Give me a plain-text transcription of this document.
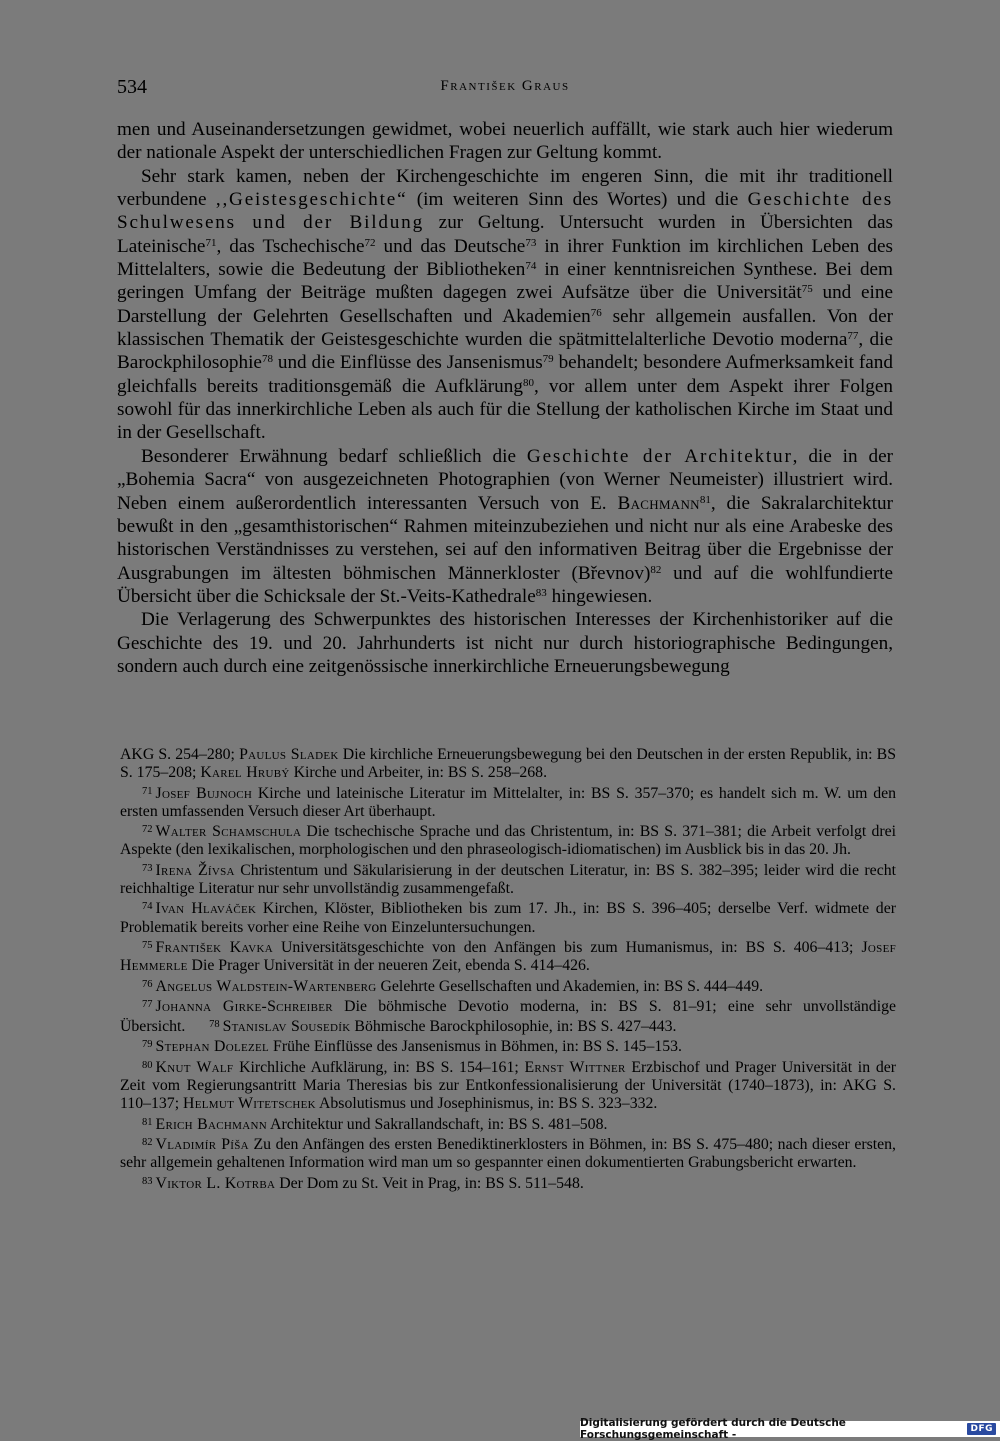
534	František Graus

men und Auseinandersetzungen gewidmet, wobei neuerlich auffällt, wie stark auch hier wiederum der nationale Aspekt der unterschiedlichen Fragen zur Geltung kommt.

Sehr stark kamen, neben der Kirchengeschichte im engeren Sinn, die mit ihr traditionell verbundene ,,Geistesgeschichte“ (im weiteren Sinn des Wortes) und die Geschichte des Schulwesens und der Bildung zur Geltung. Untersucht wurden in Übersichten das Lateinische$^{71}$, das Tschechische$^{72}$ und das Deutsche$^{73}$ in ihrer Funktion im kirchlichen Leben des Mittelalters, sowie die Bedeutung der Bibliotheken$^{74}$ in einer kenntnisreichen Synthese. Bei dem geringen Umfang der Beiträge mußten dagegen zwei Aufsätze über die Universität$^{75}$ und eine Darstellung der Gelehrten Gesellschaften und Akademien$^{76}$ sehr allgemein ausfallen. Von der klassischen Thematik der Geistesgeschichte wurden die spätmittelalterliche Devotio moderna$^{77}$, die Barockphilosophie$^{78}$ und die Einflüsse des Jansenismus$^{79}$ behandelt; besondere Aufmerksamkeit fand gleichfalls bereits traditionsgemäß die Aufklärung$^{80}$, vor allem unter dem Aspekt ihrer Folgen sowohl für das innerkirchliche Leben als auch für die Stellung der katholischen Kirche im Staat und in der Gesellschaft.

Besonderer Erwähnung bedarf schließlich die Geschichte der Architektur, die in der „Bohemia Sacra“ von ausgezeichneten Photographien (von Werner Neumeister) illustriert wird. Neben einem außerordentlich interessanten Versuch von E. Bachmann$^{81}$, die Sakralarchitektur bewußt in den „gesamthistorischen“ Rahmen miteinzubeziehen und nicht nur als eine Arabeske des historischen Verständnisses zu verstehen, sei auf den informativen Beitrag über die Ergebnisse der Ausgrabungen im ältesten böhmischen Männerkloster (Břevnov)$^{82}$ und auf die wohlfundierte Übersicht über die Schicksale der St.-Veits-Kathedrale$^{83}$ hingewiesen.

Die Verlagerung des Schwerpunktes des historischen Interesses der Kirchenhistoriker auf die Geschichte des 19. und 20. Jahrhunderts ist nicht nur durch historiographische Bedingungen, sondern auch durch eine zeitgenössische innerkirchliche Erneuerungsbewegung

AKG S. 254–280; Paulus Sladek Die kirchliche Erneuerungsbewegung bei den Deutschen in der ersten Republik, in: BS S. 175–208; Karel Hrubý Kirche und Arbeiter, in: BS S. 258–268.

$^{71}$ Josef Bujnoch Kirche und lateinische Literatur im Mittelalter, in: BS S. 357–370; es handelt sich m. W. um den ersten umfassenden Versuch dieser Art überhaupt.

$^{72}$ Walter Schamschula Die tschechische Sprache und das Christentum, in: BS S. 371–381; die Arbeit verfolgt drei Aspekte (den lexikalischen, morphologischen und den phraseologisch-idiomatischen) im Ausblick bis in das 20. Jh.

$^{73}$ Irena Žívsa Christentum und Säkularisierung in der deutschen Literatur, in: BS S. 382–395; leider wird die recht reichhaltige Literatur nur sehr unvollständig zusammengefaßt.

$^{74}$ Ivan Hlaváček Kirchen, Klöster, Bibliotheken bis zum 17. Jh., in: BS S. 396–405; derselbe Verf. widmete der Problematik bereits vorher eine Reihe von Einzeluntersuchungen.

$^{75}$ František Kavka Universitätsgeschichte von den Anfängen bis zum Humanismus, in: BS S. 406–413; Josef Hemmerle Die Prager Universität in der neueren Zeit, ebenda S. 414–426.

$^{76}$ Angelus Waldstein-Wartenberg Gelehrte Gesellschaften und Akademien, in: BS S. 444–449.

$^{77}$ Johanna Girke-Schreiber Die böhmische Devotio moderna, in: BS S. 81–91; eine sehr unvollständige Übersicht. $^{78}$ Stanislav Sousedík Böhmische Barockphilosophie, in: BS S. 427–443.

$^{79}$ Stephan Dolezel Frühe Einflüsse des Jansenismus in Böhmen, in: BS S. 145–153.

$^{80}$ Knut Walf Kirchliche Aufklärung, in: BS S. 154–161; Ernst Wittner Erzbischof und Prager Universität in der Zeit vom Regierungsantritt Maria Theresias bis zur Entkonfessionalisierung der Universität (1740–1873), in: AKG S. 110–137; Helmut Witetschek Absolutismus und Josephinismus, in: BS S. 323–332.

$^{81}$ Erich Bachmann Architektur und Sakrallandschaft, in: BS S. 481–508.

$^{82}$ Vladimír Píša Zu den Anfängen des ersten Benediktinerklosters in Böhmen, in: BS S. 475–480; nach dieser ersten, sehr allgemein gehaltenen Information wird man um so gespannter einen dokumentierten Grabungsbericht erwarten.

$^{83}$ Viktor L. Kotrba Der Dom zu St. Veit in Prag, in: BS S. 511–548.

Digitalisierung gefördert durch die Deutsche Forschungsgemeinschaft -	DFG
